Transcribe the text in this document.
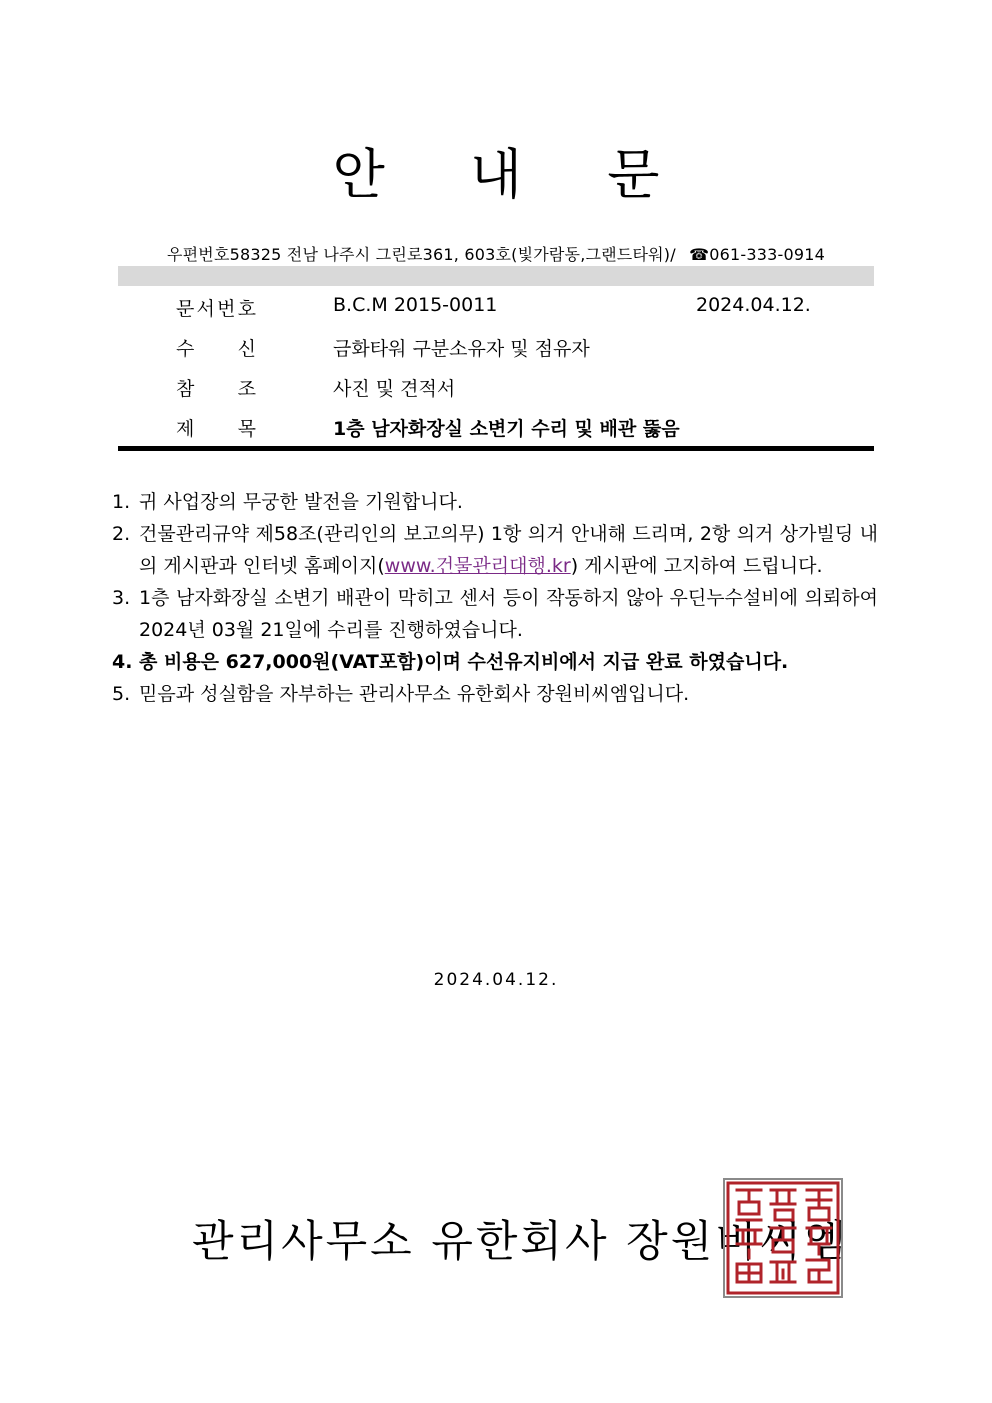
안 내 문
우편번호58325 전남 나주시 그린로361, 603호(빛가람동,그랜드타워)/ ☎061-333-0914
문 서 번 호	B.C.M 2015-0011	2024.04.12.
수 신	금화타워 구분소유자 및 점유자
참 조	사진 및 견적서
제 목	1층 남자화장실 소변기 수리 및 배관 뚫음
1. 귀 사업장의 무궁한 발전을 기원합니다.
2. 건물관리규약 제58조(관리인의 보고의무) 1항 의거 안내해 드리며, 2항 의거 상가빌딩 내의 게시판과 인터넷 홈페이지(www.건물관리대행.kr) 게시판에 고지하여 드립니다.
3. 1층 남자화장실 소변기 배관이 막히고 센서 등이 작동하지 않아 우딘누수설비에 의뢰하여 2024년 03월 21일에 수리를 진행하였습니다.
4. 총 비용은 627,000원(VAT포함)이며 수선유지비에서 지급 완료 하였습니다.
5. 믿음과 성실함을 자부하는 관리사무소 유한회사 장원비씨엠입니다.
2024.04.12.
관리사무소 유한회사 장원비씨엠
